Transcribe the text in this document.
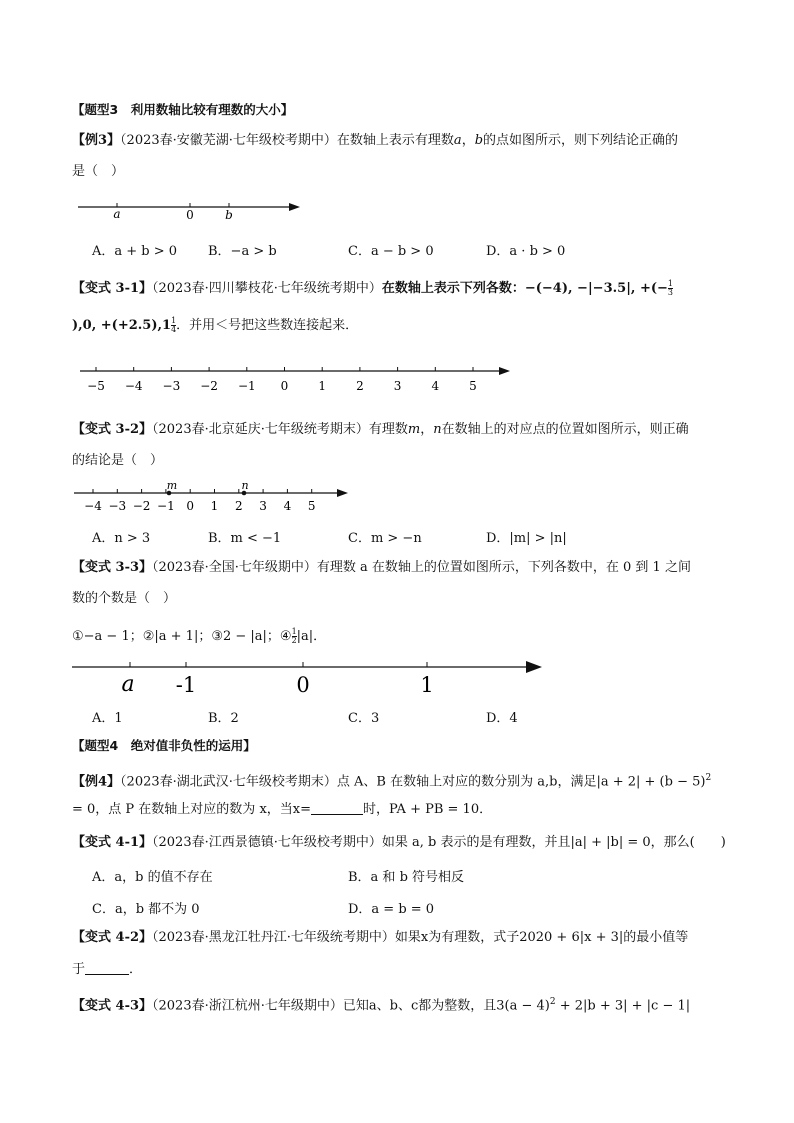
【题型3　利用数轴比较有理数的大小】
【例3】（2023春·安徽芜湖·七年级校考期中）在数轴上表示有理数a，b的点如图所示，则下列结论正确的
是（　）
a	0	b
A．a + b > 0 B．−a > b	C．a − b > 0	D．a · b > 0
【变式 3-1】（2023春·四川攀枝花·七年级统考期中）在数轴上表示下列各数：−(−4), −|−3.5|, +(− $\frac{1}{3}$
),0, $+(+2.5),1 \frac{1}{4}$ ．并用＜号把这些数连接起来．
−5 −4 −3 −2 −1 0	1	2	3	4	5
【变式 3-2】（2023春·北京延庆·七年级统考期末）有理数m，n在数轴上的对应点的位置如图所示，则正确
的结论是（　）
−4 −3 −2 −1 0 1 2 3 4 5
m	n
A．n > 3	B．m < −1	C．m > −n	D．|m| > |n|
【变式 3-3】（2023春·全国·七年级期中）有理数 a 在数轴上的位置如图所示，下列各数中，在 0 到 1 之间
数的个数是（　）
①−a − 1；②|a + 1|；③2 − |a|；④ $\frac{1}{2} |a|$．
a -1	0	1
A．1	B．2	C．3	D．4
【题型4　绝对值非负性的运用】
【例4】（2023春·湖北武汉·七年级校考期末）点 A、B 在数轴上对应的数分别为 a,b，满足$|a + 2| + (b - 5)^2$
= 0，点 P 在数轴上对应的数为 x，当x=	时，PA + PB = 10．
【变式 4-1】（2023春·江西景德镇·七年级校考期中）如果 a, b 表示的是有理数，并且|a| + |b| = 0，那么(　　)
A．a，b 的值不存在	B．a 和 b 符号相反
C．a，b 都不为 0	D．a = b = 0
【变式 4-2】（2023春·黑龙江牡丹江·七年级统考期中）如果x为有理数，式子2020 + 6|x + 3|的最小值等
于	．
【变式 4-3】（2023春·浙江杭州·七年级期中）已知a、b、c都为整数，且$3(a - 4)^2 + 2|b + 3| + |c - 1|$
